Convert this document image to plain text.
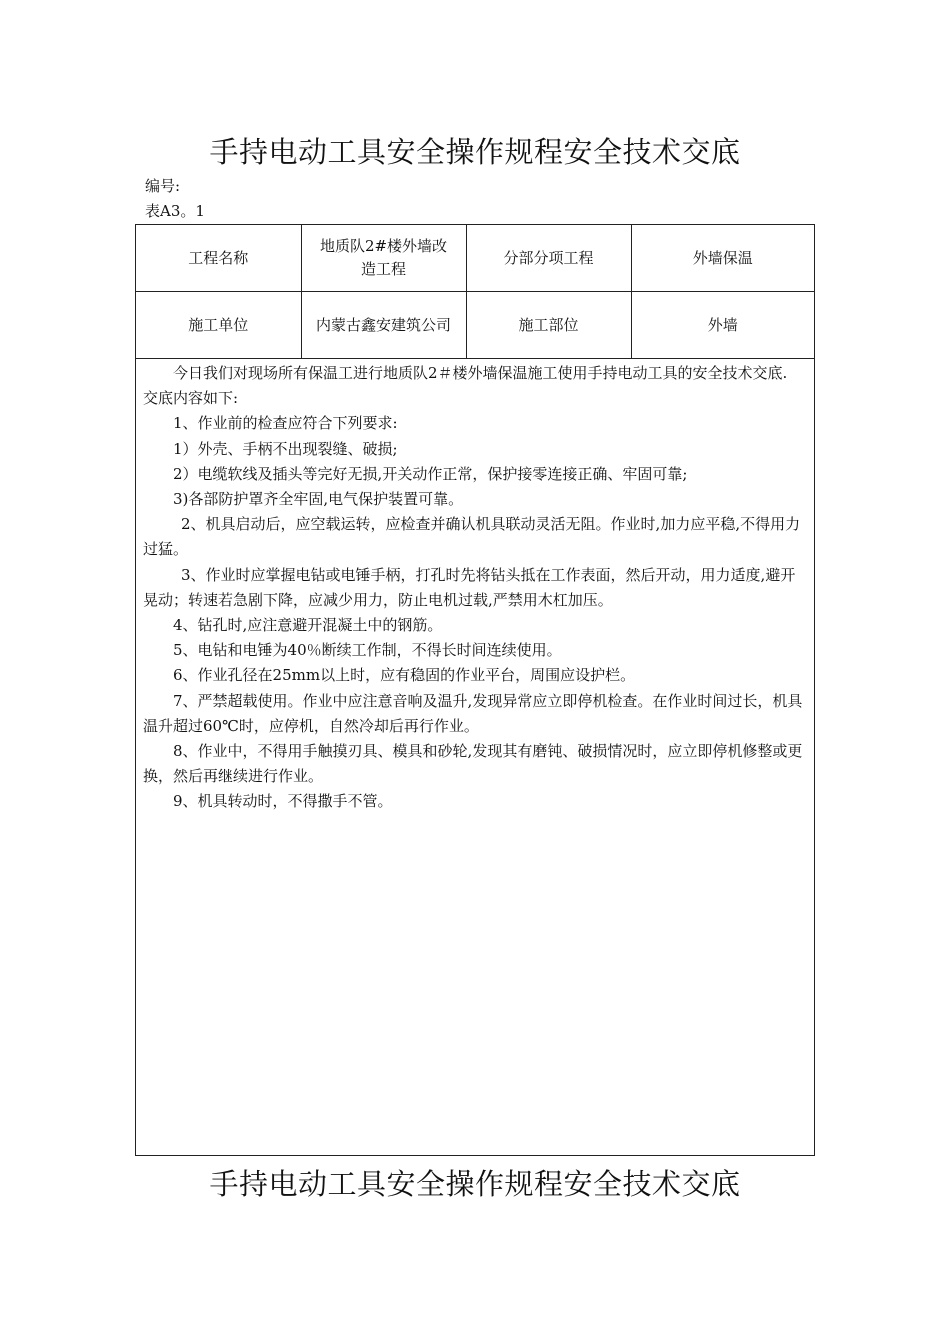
手持电动工具安全操作规程安全技术交底
编号:
表A3。1
工程名称	地质队2#楼外墙改造工程	分部分项工程	外墙保温
施工单位	内蒙古鑫安建筑公司	施工部位	外墙

今日我们对现场所有保温工进行地质队2＃楼外墙保温施工使用手持电动工具的安全技术交底.

交底内容如下:

1、作业前的检查应符合下列要求:

1）外壳、手柄不出现裂缝、破损;

2）电缆软线及插头等完好无损,开关动作正常，保护接零连接正确、牢固可靠;

3)各部防护罩齐全牢固,电气保护装置可靠。

2、机具启动后，应空载运转，应检查并确认机具联动灵活无阻。作业时,加力应平稳,不得用力过猛。

3、作业时应掌握电钻或电锤手柄，打孔时先将钻头抵在工作表面，然后开动，用力适度,避开晃动；转速若急剧下降，应减少用力，防止电机过载,严禁用木杠加压。

4、钻孔时,应注意避开混凝土中的钢筋。

5、电钻和电锤为40％断续工作制，不得长时间连续使用。

6、作业孔径在25mm以上时，应有稳固的作业平台，周围应设护栏。

7、严禁超载使用。作业中应注意音响及温升,发现异常应立即停机检查。在作业时间过长，机具温升超过60℃时，应停机，自然冷却后再行作业。

8、作业中，不得用手触摸刃具、模具和砂轮,发现其有磨钝、破损情况时，应立即停机修整或更换，然后再继续进行作业。

9、机具转动时，不得撒手不管。

手持电动工具安全操作规程安全技术交底
